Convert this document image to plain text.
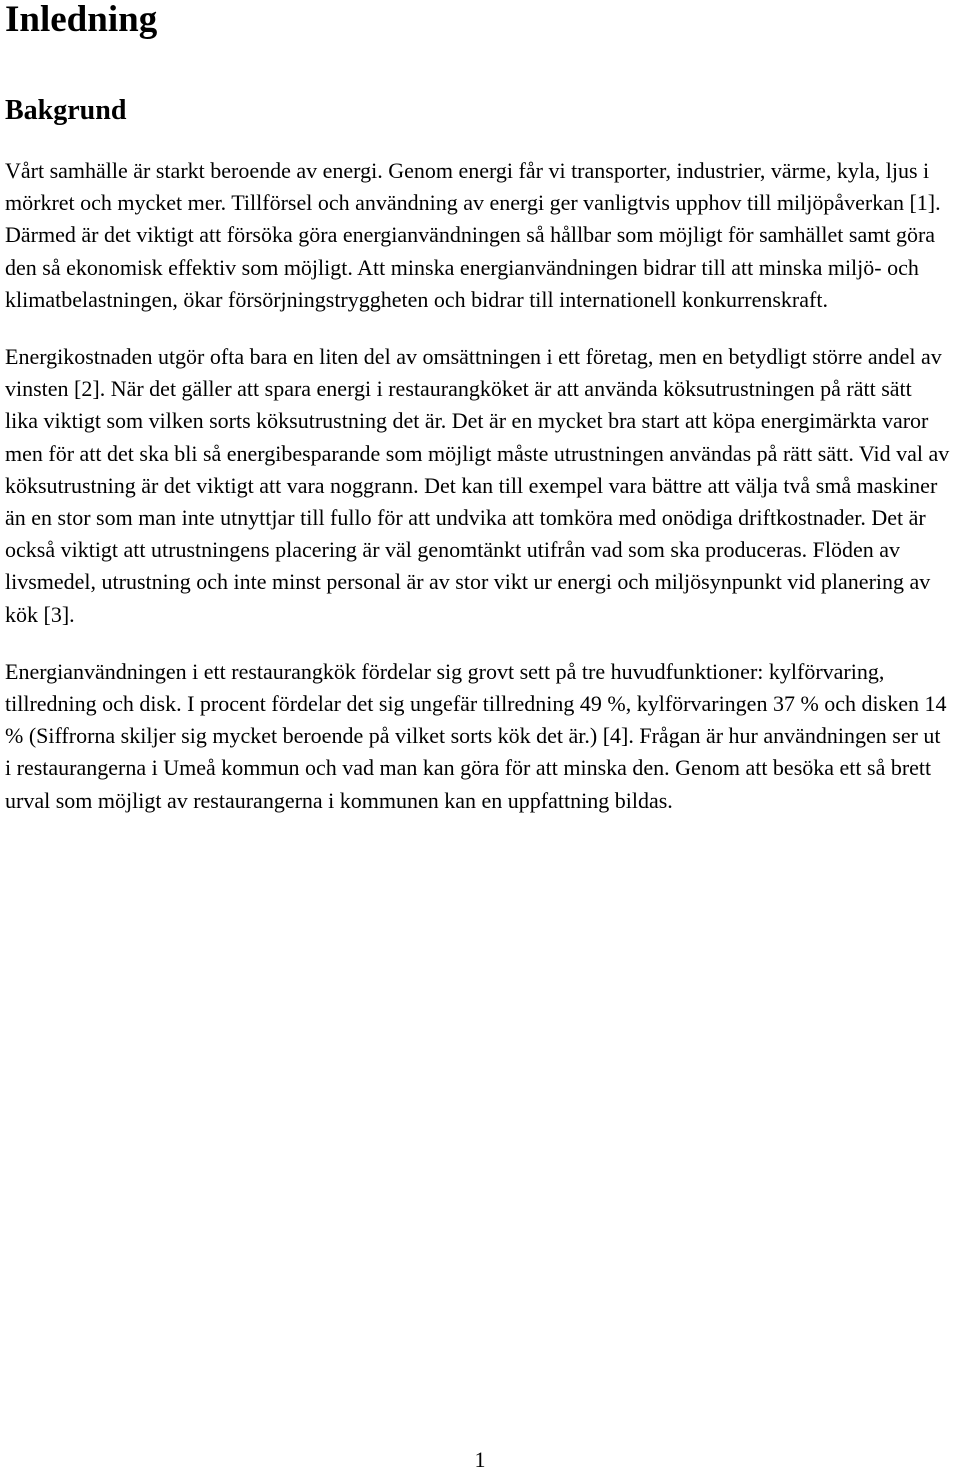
Inledning
Bakgrund

Vårt samhälle är starkt beroende av energi. Genom energi får vi transporter, industrier, värme, kyla, ljus i mörkret och mycket mer. Tillförsel och användning av energi ger vanligtvis upphov till miljöpåverkan [1]. Därmed är det viktigt att försöka göra energianvändningen så hållbar som möjligt för samhället samt göra den så ekonomisk effektiv som möjligt. Att minska energianvändningen bidrar till att minska miljö- och klimatbelastningen, ökar försörjningstryggheten och bidrar till internationell konkurrenskraft.

Energikostnaden utgör ofta bara en liten del av omsättningen i ett företag, men en betydligt större andel av vinsten [2]. När det gäller att spara energi i restaurangköket är att använda köksutrustningen på rätt sätt lika viktigt som vilken sorts köksutrustning det är. Det är en mycket bra start att köpa energimärkta varor men för att det ska bli så energibesparande som möjligt måste utrustningen användas på rätt sätt. Vid val av köksutrustning är det viktigt att vara noggrann. Det kan till exempel vara bättre att välja två små maskiner än en stor som man inte utnyttjar till fullo för att undvika att tomköra med onödiga driftkostnader. Det är också viktigt att utrustningens placering är väl genomtänkt utifrån vad som ska produceras. Flöden av livsmedel, utrustning och inte minst personal är av stor vikt ur energi och miljösynpunkt vid planering av kök [3].

Energianvändningen i ett restaurangkök fördelar sig grovt sett på tre huvudfunktioner: kylförvaring, tillredning och disk. I procent fördelar det sig ungefär tillredning 49 %, kylförvaringen 37 % och disken 14 % (Siffrorna skiljer sig mycket beroende på vilket sorts kök det är.) [4]. Frågan är hur användningen ser ut i restaurangerna i Umeå kommun och vad man kan göra för att minska den. Genom att besöka ett så brett urval som möjligt av restaurangerna i kommunen kan en uppfattning bildas.

1
